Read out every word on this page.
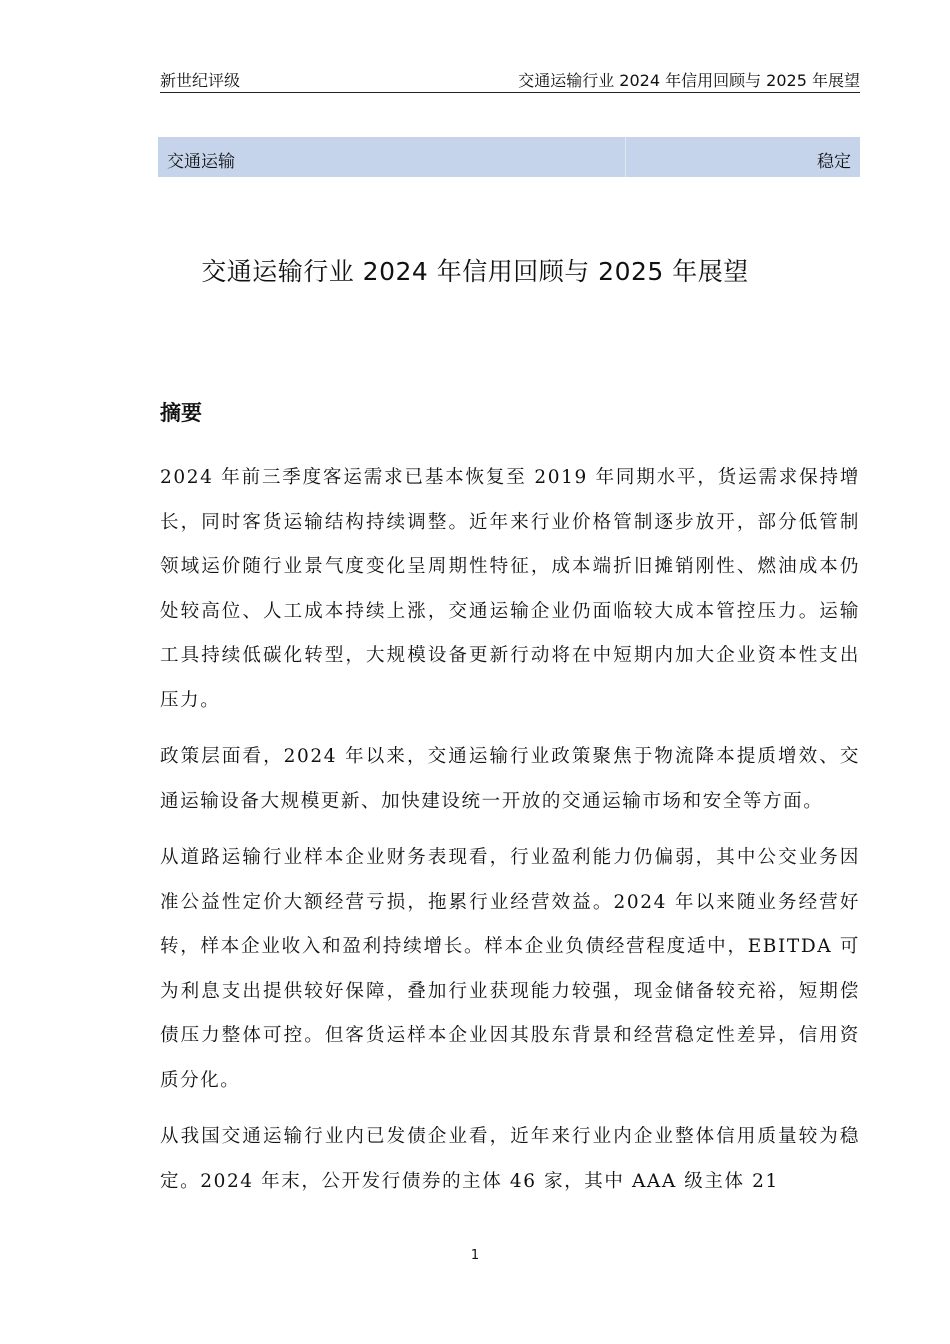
新世纪评级	交通运输行业 2024 年信用回顾与 2025 年展望
交通运输	稳定
交通运输行业 2024 年信用回顾与 2025 年展望
摘要

2024 年前三季度客运需求已基本恢复至 2019 年同期水平，货运需求保持增长，同时客货运输结构持续调整。近年来行业价格管制逐步放开，部分低管制领域运价随行业景气度变化呈周期性特征，成本端折旧摊销刚性、燃油成本仍处较高位、人工成本持续上涨，交通运输企业仍面临较大成本管控压力。运输工具持续低碳化转型，大规模设备更新行动将在中短期内加大企业资本性支出压力。

政策层面看，2024 年以来，交通运输行业政策聚焦于物流降本提质增效、交通运输设备大规模更新、加快建设统一开放的交通运输市场和安全等方面。

从道路运输行业样本企业财务表现看，行业盈利能力仍偏弱，其中公交业务因准公益性定价大额经营亏损，拖累行业经营效益。2024 年以来随业务经营好转，样本企业收入和盈利持续增长。样本企业负债经营程度适中，EBITDA 可为利息支出提供较好保障，叠加行业获现能力较强，现金储备较充裕，短期偿债压力整体可控。但客货运样本企业因其股东背景和经营稳定性差异，信用资质分化。

从我国交通运输行业内已发债企业看，近年来行业内企业整体信用质量较为稳定。2024 年末，公开发行债券的主体 46 家，其中 AAA 级主体 21

1
